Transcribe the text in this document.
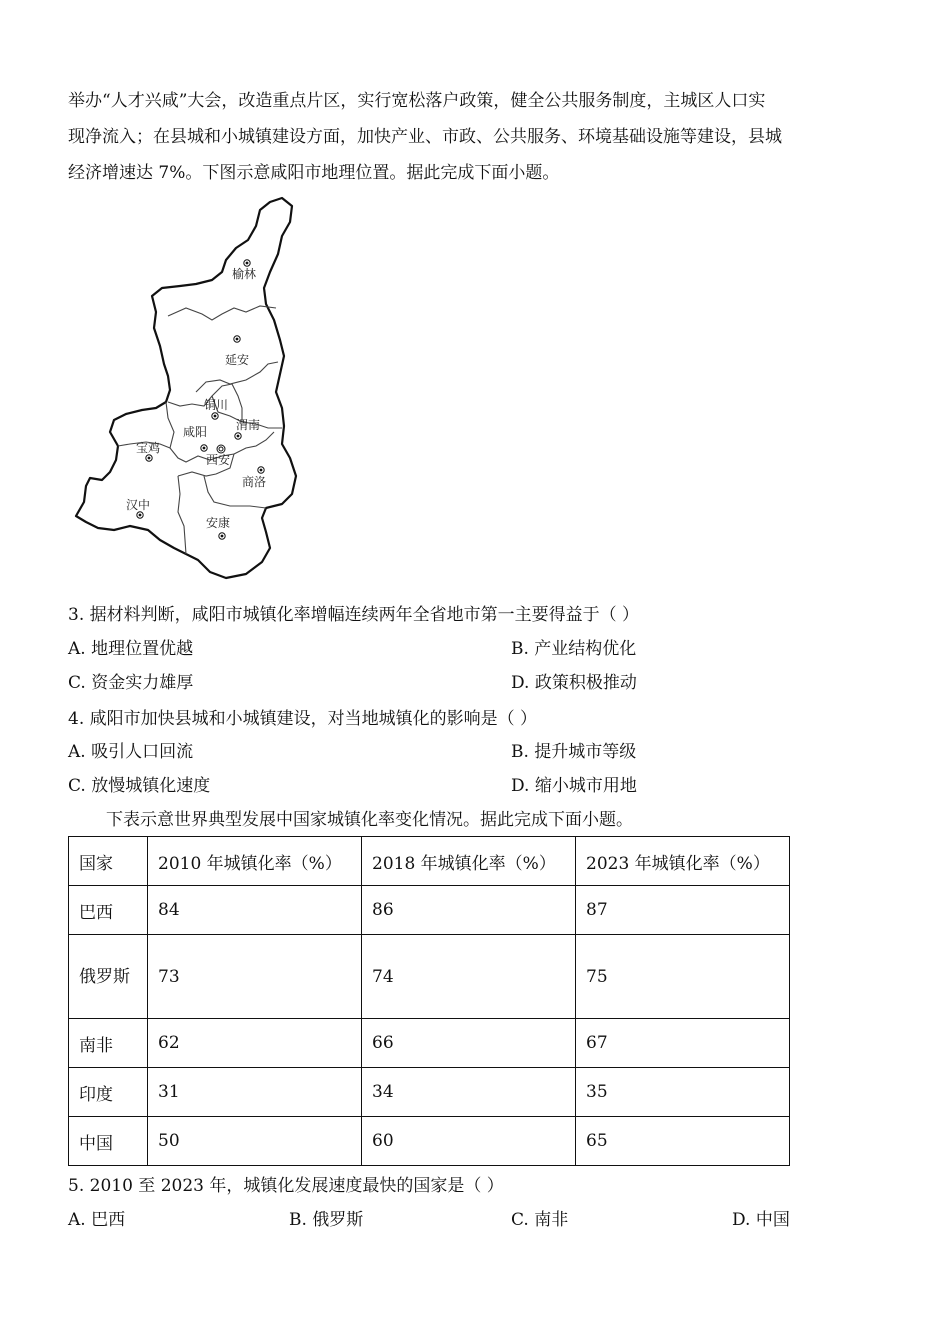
举办“人才兴咸”大会，改造重点片区，实行宽松落户政策，健全公共服务制度，主城区人口实
现净流入；在县城和小城镇建设方面，加快产业、市政、公共服务、环境基础设施等建设，县城
经济增速达 7%。下图示意咸阳市地理位置。据此完成下面小题。
榆林
延安
铜川
咸阳 渭南
宝鸡
西安
商洛
汉中
安康
3. 据材料判断，咸阳市城镇化率增幅连续两年全省地市第一主要得益于（ ）
A. 地理位置优越	B. 产业结构优化
C. 资金实力雄厚	D. 政策积极推动
4. 咸阳市加快县城和小城镇建设，对当地城镇化的影响是（ ）
A. 吸引人口回流	B. 提升城市等级
C. 放慢城镇化速度	D. 缩小城市用地
下表示意世界典型发展中国家城镇化率变化情况。据此完成下面小题。
国家	2010 年城镇化率（%）	2018 年城镇化率（%）	2023 年城镇化率（%）
巴西	84	86	87
俄罗斯	73	74	75
南非	62	66	67
印度	31	34	35
中国	50	60	65
5. 2010 至 2023 年，城镇化发展速度最快的国家是（ ）
A. 巴西	B. 俄罗斯	C. 南非	D. 中国
